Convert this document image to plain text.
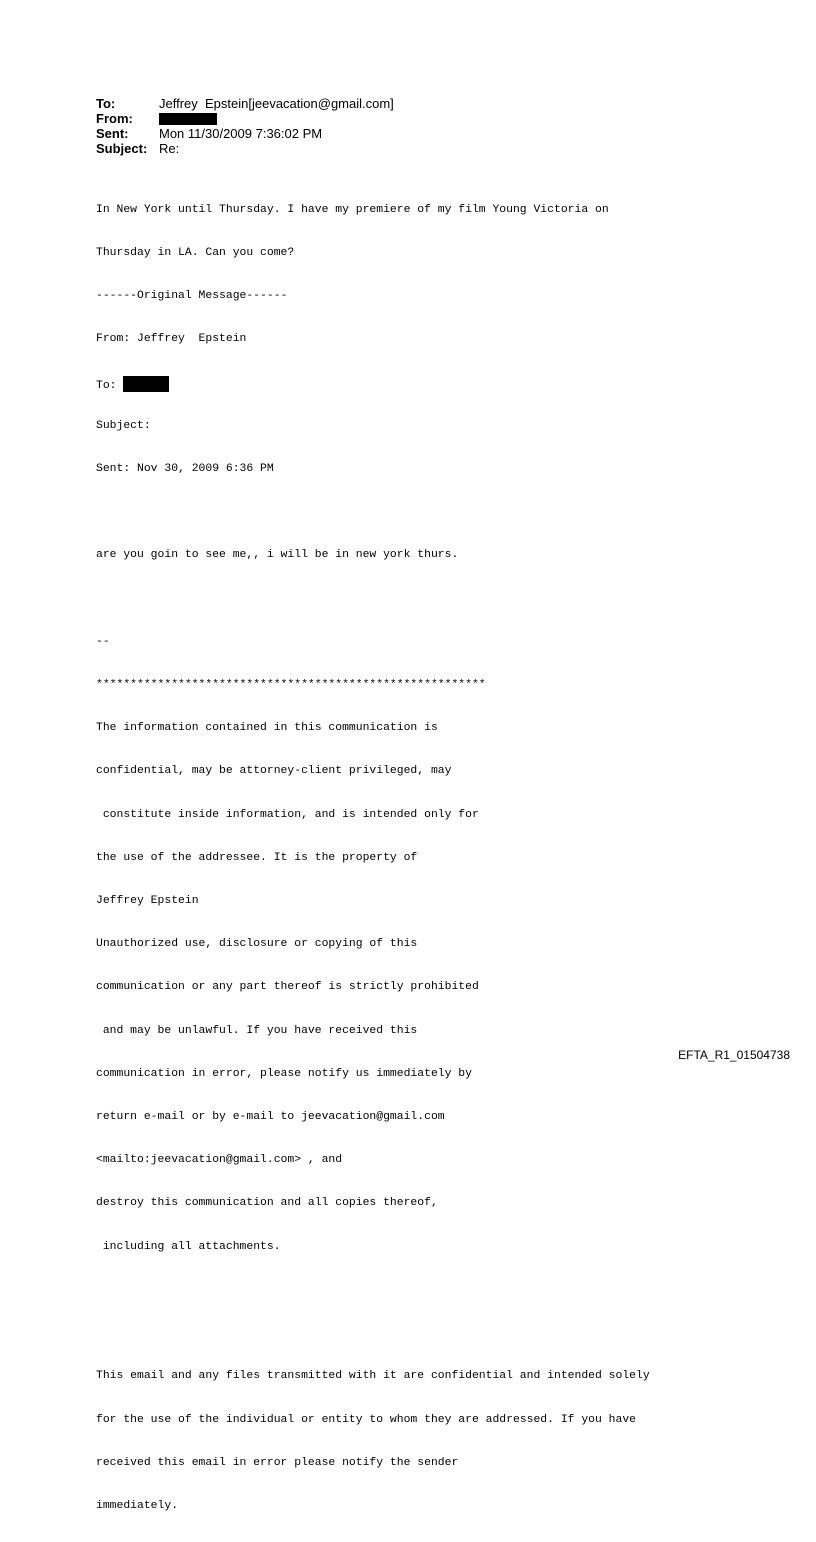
To:	Jeffrey  Epstein[jeevacation@gmail.com]
From:
Sent:	Mon 11/30/2009 7:36:02 PM
Subject: Re:

In New York until Thursday. I have my premiere of my film Young Victoria on

Thursday in LA. Can you come?

------Original Message------

From: Jeffrey  Epstein

To:

Subject:

Sent: Nov 30, 2009 6:36 PM

are you goin to see me,, i will be in new york thurs.

--

*********************************************************

The information contained in this communication is

confidential, may be attorney-client privileged, may

constitute inside information, and is intended only for

the use of the addressee. It is the property of

Jeffrey Epstein

Unauthorized use, disclosure or copying of this

communication or any part thereof is strictly prohibited

and may be unlawful. If you have received this

communication in error, please notify us immediately by

return e-mail or by e-mail to jeevacation@gmail.com

<mailto:jeevacation@gmail.com> , and

destroy this communication and all copies thereof,

including all attachments.

This email and any files transmitted with it are confidential and intended solely

for the use of the individual or entity to whom they are addressed. If you have

received this email in error please notify the sender

immediately.

EFTA_R1_01504738
